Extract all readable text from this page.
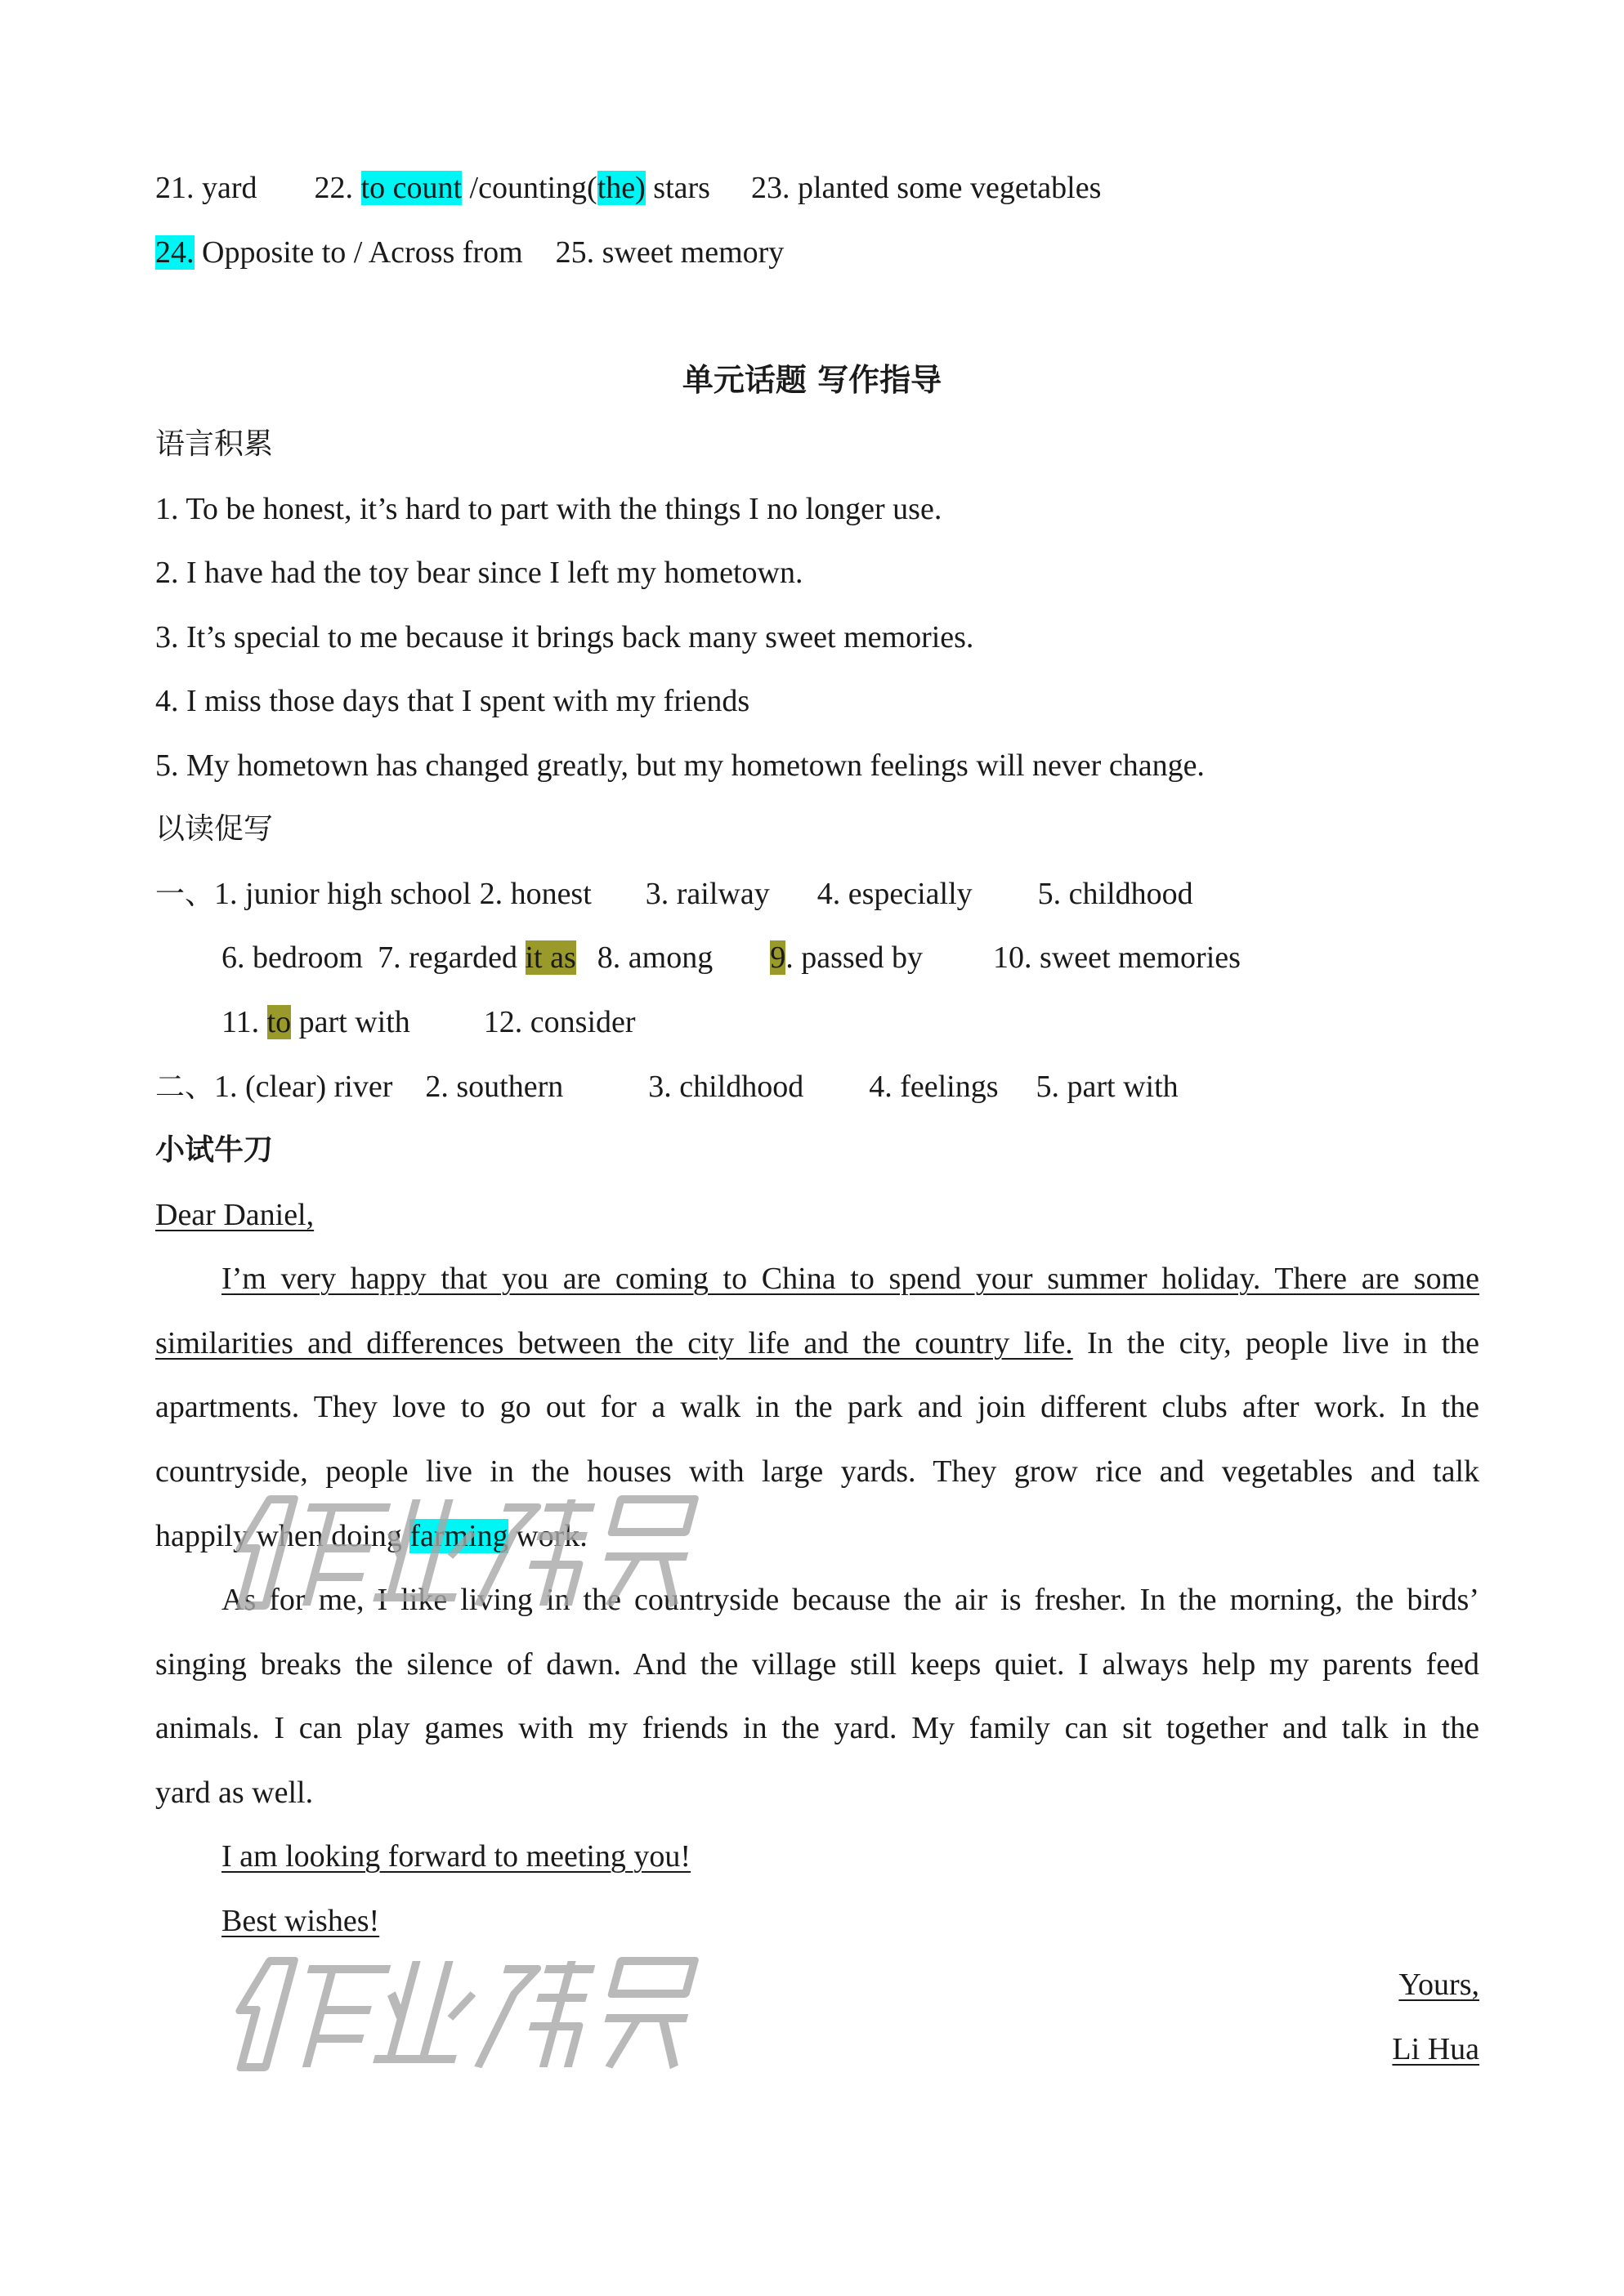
21. yard 22. to count /counting(the) stars 23. planted some vegetables
24. Opposite to / Across from 25. sweet memory
单元话题 写作指导
语言积累
1. To be honest, it’s hard to part with the things I no longer use.
2. I have had the toy bear since I left my hometown.
3. It’s special to me because it brings back many sweet memories.
4. I miss those days that I spent with my friends
5. My hometown has changed greatly, but my hometown feelings will never change.
以读促写
一、1. junior high school 2. honest 3. railway 4. especially 5. childhood
6. bedroom 7. regarded it as 8. among 9. passed by 10. sweet memories
11. to part with 12. consider
二、1. (clear) river 2. southern	3. childhood 4. feelings 5. part with
小试牛刀
Dear Daniel,
I’m very happy that you are coming to China to spend your summer holiday. There are some
similarities and differences between the city life and the country life. In the city, people live in the
apartments. They love to go out for a walk in the park and join different clubs after work. In the
countryside, people live in the houses with large yards. They grow rice and vegetables and talk
happily when doing farming work.
As for me, I like living in the countryside because the air is fresher. In the morning, the birds’
singing breaks the silence of dawn. And the village still keeps quiet. I always help my parents feed
animals. I can play games with my friends in the yard. My family can sit together and talk in the
yard as well.
I am looking forward to meeting you!
Best wishes!
Yours,
Li Hua
